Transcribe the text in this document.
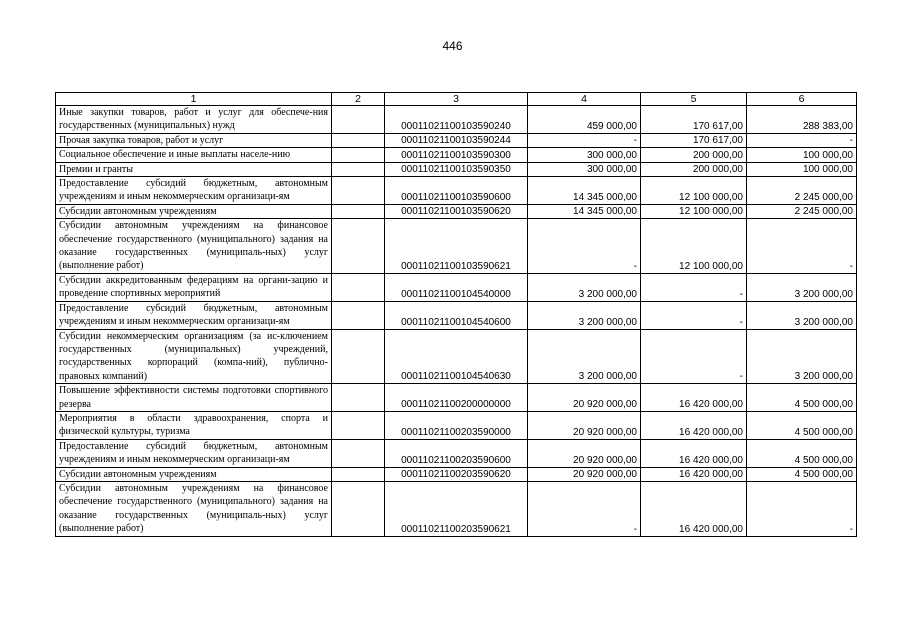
446
1	2	3	4	5	6
Иные закупки товаров, работ и услуг для обеспече-ния государственных (муниципальных) нужд		00011021100103590240	459 000,00	170 617,00	288 383,00
Прочая закупка товаров, работ и услуг		00011021100103590244	-	170 617,00	-
Социальное обеспечение и иные выплаты населе-нию		00011021100103590300	300 000,00	200 000,00	100 000,00
Премии и гранты		00011021100103590350	300 000,00	200 000,00	100 000,00
Предоставление субсидий бюджетным, автономным учреждениям и иным некоммерческим организаци-ям		00011021100103590600	14 345 000,00	12 100 000,00	2 245 000,00
Субсидии автономным учреждениям		00011021100103590620	14 345 000,00	12 100 000,00	2 245 000,00
Субсидии автономным учреждениям на финансовое обеспечение государственного (муниципального) задания на оказание государственных (муниципаль-ных) услуг (выполнение работ)		00011021100103590621	-	12 100 000,00	-
Субсидии аккредитованным федерациям на органи-зацию и проведение спортивных мероприятий		00011021100104540000	3 200 000,00	-	3 200 000,00
Предоставление субсидий бюджетным, автономным учреждениям и иным некоммерческим организаци-ям		00011021100104540600	3 200 000,00	-	3 200 000,00
Субсидии некоммерческим организациям (за ис-ключением государственных (муниципальных) учреждений, государственных корпораций (компа-ний), публично-правовых компаний)		00011021100104540630	3 200 000,00	-	3 200 000,00
Повышение эффективности системы подготовки спортивного резерва		00011021100200000000	20 920 000,00	16 420 000,00	4 500 000,00
Мероприятия в области здравоохранения, спорта и физической культуры, туризма		00011021100203590000	20 920 000,00	16 420 000,00	4 500 000,00
Предоставление субсидий бюджетным, автономным учреждениям и иным некоммерческим организаци-ям		00011021100203590600	20 920 000,00	16 420 000,00	4 500 000,00
Субсидии автономным учреждениям		00011021100203590620	20 920 000,00	16 420 000,00	4 500 000,00
Субсидии автономным учреждениям на финансовое обеспечение государственного (муниципального) задания на оказание государственных (муниципаль-ных) услуг (выполнение работ)		00011021100203590621	-	16 420 000,00	-
